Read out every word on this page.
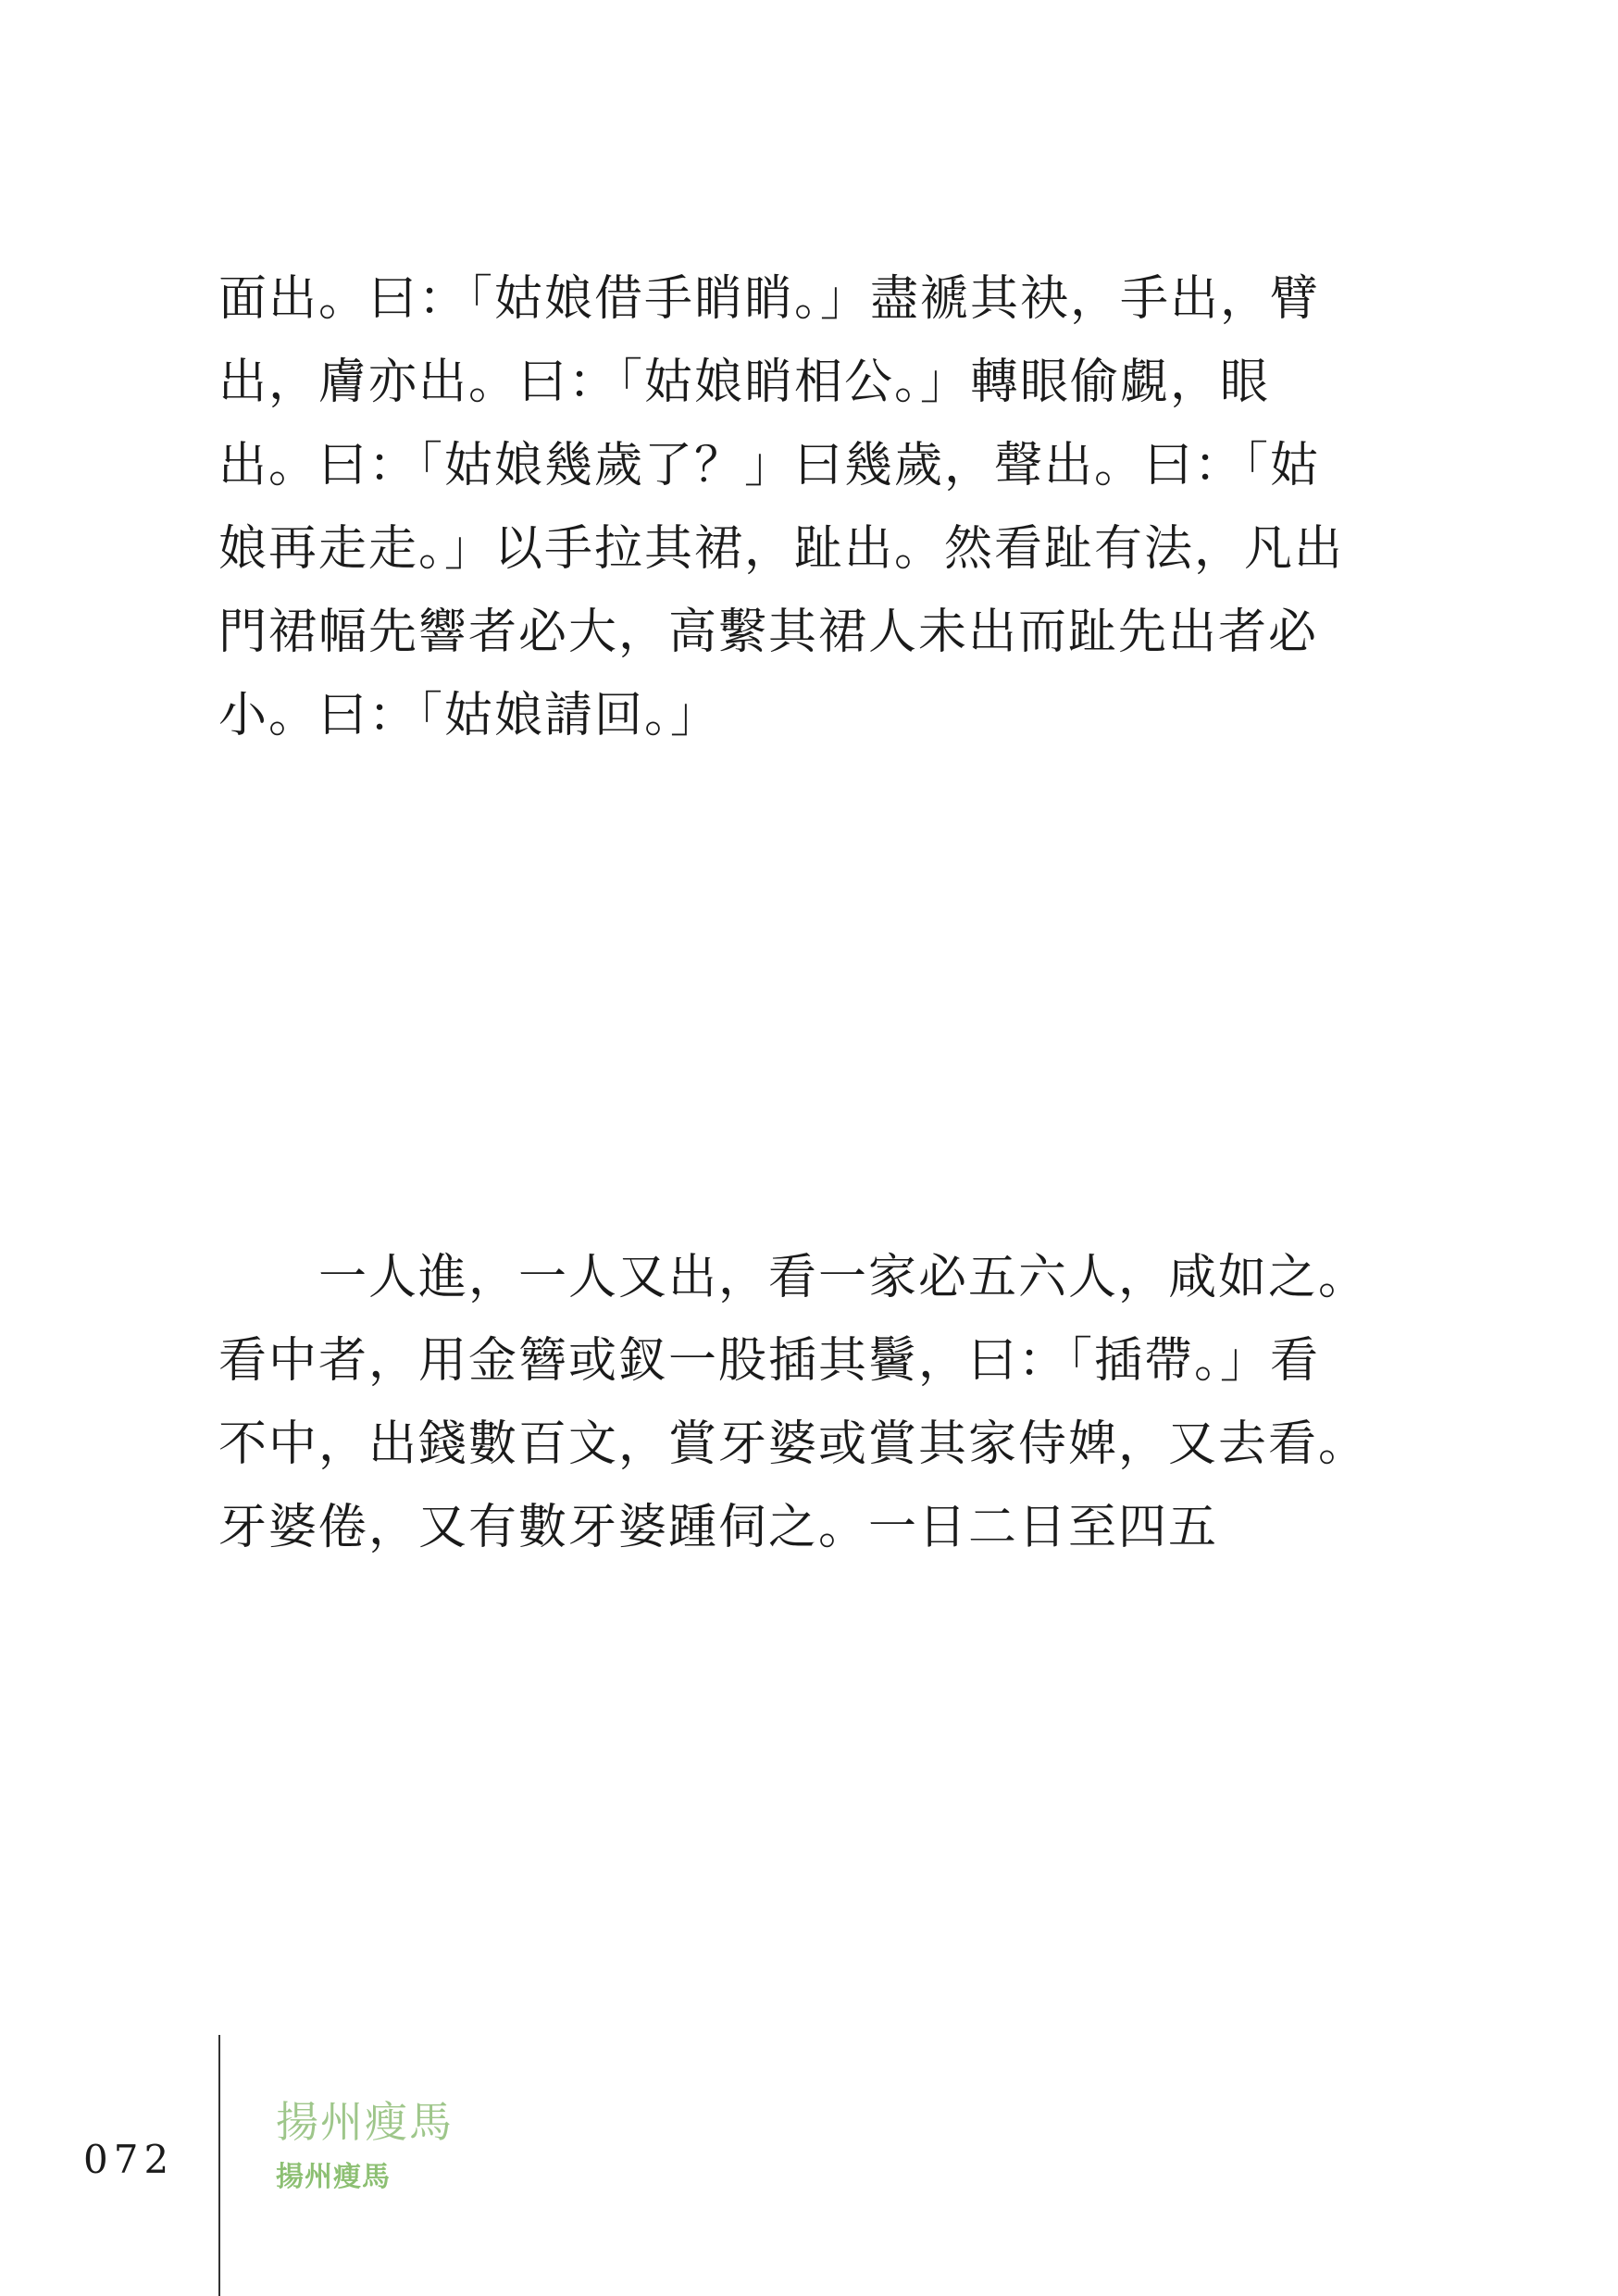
面出。曰：「姑娘借手睄睄。」盡褫其袂，手出，臂
出，膚亦出。曰：「姑娘睄相公。」轉眼偷覷，眼
出。曰：「姑娘幾歲了？」曰幾歲，聲出。曰：「姑
娘再走走。」以手拉其裙，趾出。然看趾有法，凡出
門裙幅先響者必大，高繫其裙人未出而趾先出者必
小。曰：「姑娘請回。」
　　一人進，一人又出，看一家必五六人，咸如之。
看中者，用金簪或釵一股插其鬢，曰：「插帶。」看
不中，出錢數百文，賞牙婆或賞其家侍婢，又去看。
牙婆倦，又有數牙婆踵伺之。一日二日至四五
072
揚州瘦馬
揚州瘦馬
